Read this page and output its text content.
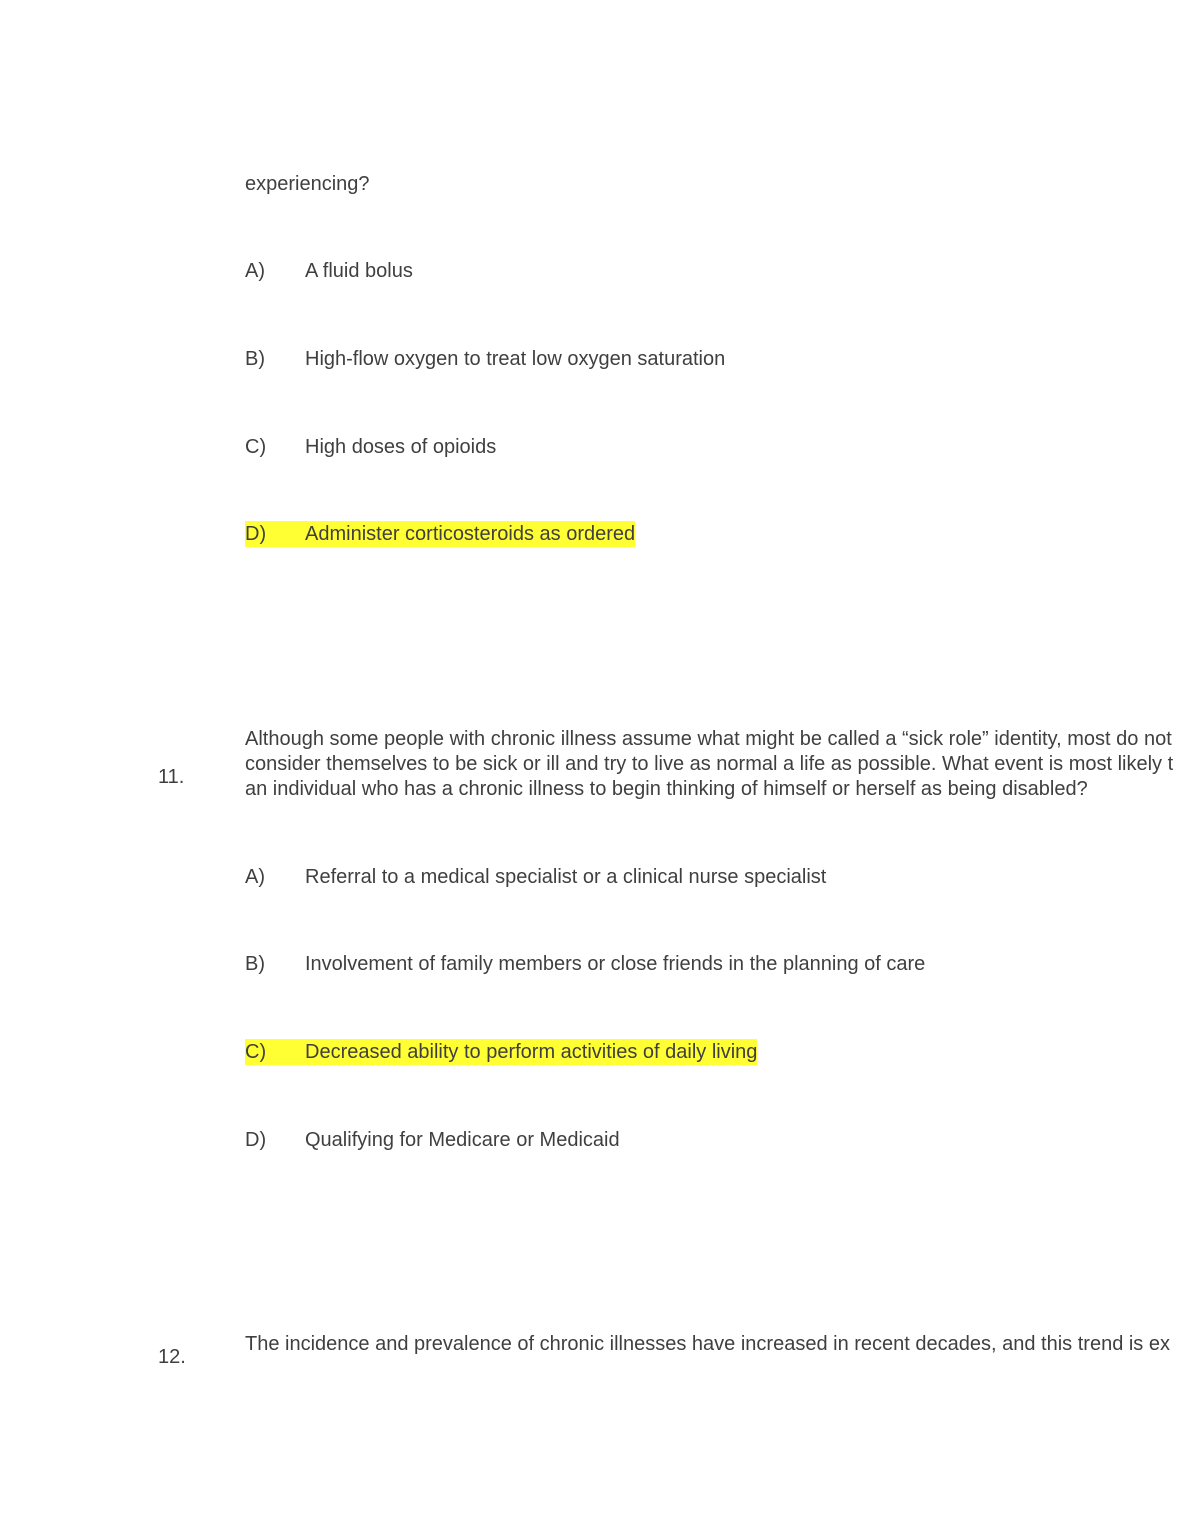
experiencing?
A) A fluid bolus
B) High-flow oxygen to treat low oxygen saturation
C) High doses of opioids
D) Administer corticosteroids as ordered
11.
Although some people with chronic illness assume what might be called a “sick role” identity, most do not
consider themselves to be sick or ill and try to live as normal a life as possible. What event is most likely t
an individual who has a chronic illness to begin thinking of himself or herself as being disabled?
A) Referral to a medical specialist or a clinical nurse specialist
B) Involvement of family members or close friends in the planning of care
C) Decreased ability to perform activities of daily living
D) Qualifying for Medicare or Medicaid
12.
The incidence and prevalence of chronic illnesses have increased in recent decades, and this trend is ex
